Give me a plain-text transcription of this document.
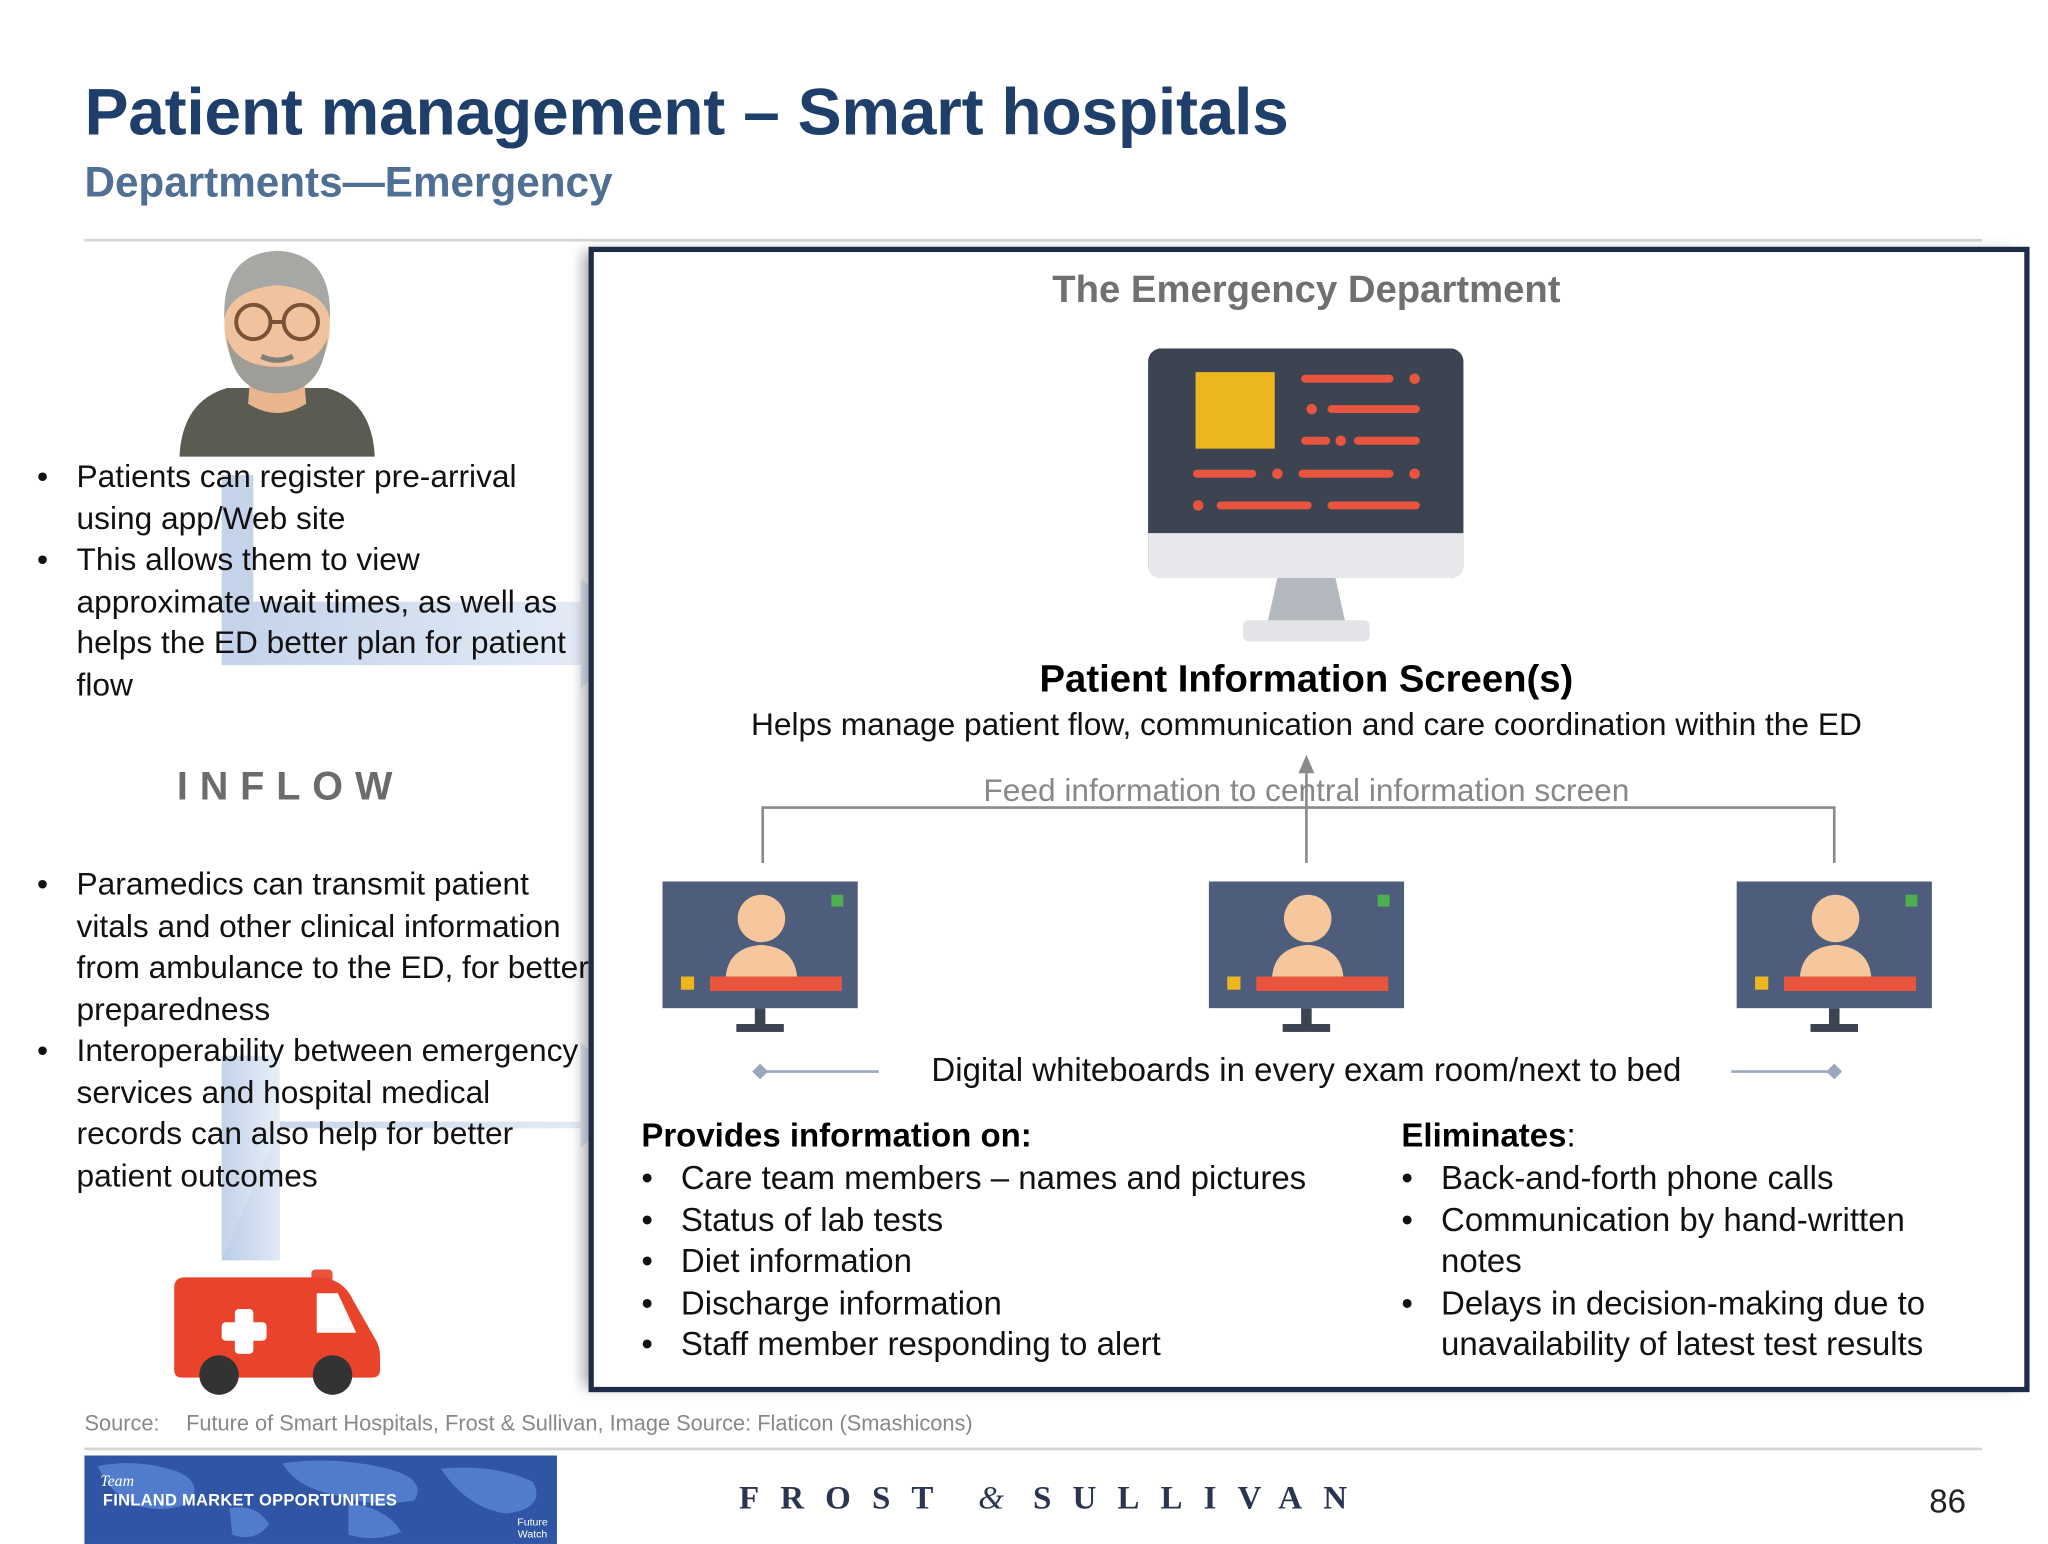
Patient management – Smart hospitals
Departments—Emergency
• Patients can register pre-arrival using app/Web site
• This allows them to view approximate wait times, as well as helps the ED better plan for patient flow
INFLOW
• Paramedics can transmit patient vitals and other clinical information from ambulance to the ED, for better preparedness
• Interoperability between emergency services and hospital medical records can also help for better patient outcomes
The Emergency Department
Patient Information Screen(s)
Helps manage patient flow, communication and care coordination within the ED
Feed information to central information screen
Digital whiteboards in every exam room/next to bed
Provides information on:
• Care team members – names and pictures
• Status of lab tests
• Diet information
• Discharge information
• Staff member responding to alert
Eliminates:
• Back-and-forth phone calls
• Communication by hand-written notes
• Delays in decision-making due to unavailability of latest test results
Source: Future of Smart Hospitals, Frost & Sullivan, Image Source: Flaticon (Smashicons)
Team
FINLAND MARKET OPPORTUNITIES
Future
Watch
FROST & SULLIVAN	86
